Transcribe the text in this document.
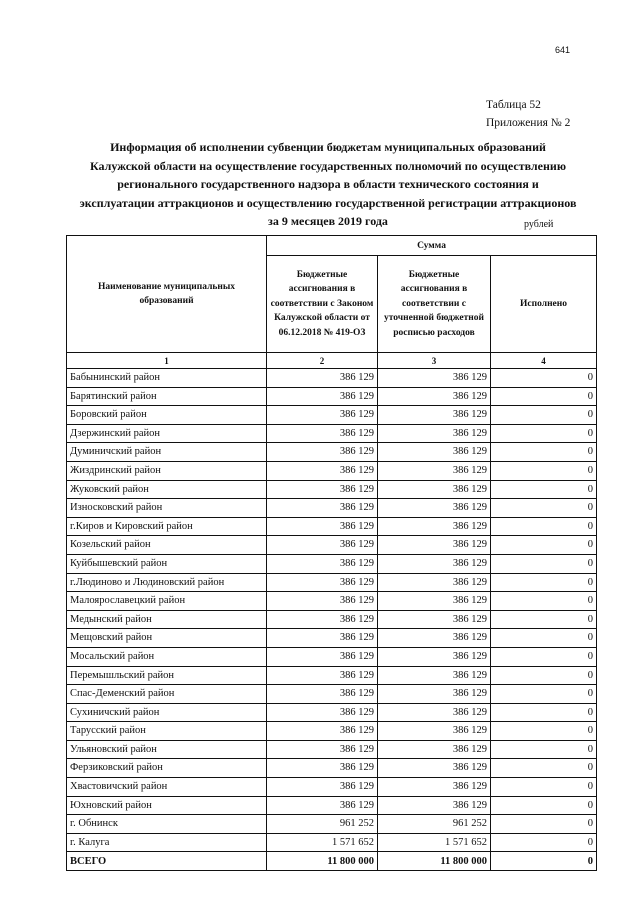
641
Таблица 52
Приложения № 2
Информация об исполнении субвенции бюджетам муниципальных образований
Калужской области на осуществление государственных полномочий по осуществлению
регионального государственного надзора в области технического состояния и
эксплуатации аттракционов и осуществлению государственной регистрации аттракционов
за 9 месяцев 2019 года	рублей
Наименование муниципальных образований	Сумма		
	Бюджетные ассигнования в соответствии с Законом Калужской области от 06.12.2018 № 419-ОЗ	Бюджетные ассигнования в соответствии с уточненной бюджетной росписью расходов	Исполнено
1	2	3	4
Бабынинский район	386 129	386 129	0
Барятинский район	386 129	386 129	0
Боровский район	386 129	386 129	0
Дзержинский район	386 129	386 129	0
Думиничский район	386 129	386 129	0
Жиздринский район	386 129	386 129	0
Жуковский район	386 129	386 129	0
Износковский район	386 129	386 129	0
г.Киров и Кировский район	386 129	386 129	0
Козельский район	386 129	386 129	0
Куйбышевский район	386 129	386 129	0
г.Людиново и Людиновский район	386 129	386 129	0
Малоярославецкий район	386 129	386 129	0
Медынский район	386 129	386 129	0
Мещовский район	386 129	386 129	0
Мосальский район	386 129	386 129	0
Перемышльский район	386 129	386 129	0
Спас-Деменский район	386 129	386 129	0
Сухиничский район	386 129	386 129	0
Тарусский район	386 129	386 129	0
Ульяновский район	386 129	386 129	0
Ферзиковский район	386 129	386 129	0
Хвастовичский район	386 129	386 129	0
Юхновский район	386 129	386 129	0
г. Обнинск	961 252	961 252	0
г. Калуга	1 571 652	1 571 652	0
ВСЕГО	11 800 000	11 800 000	0
